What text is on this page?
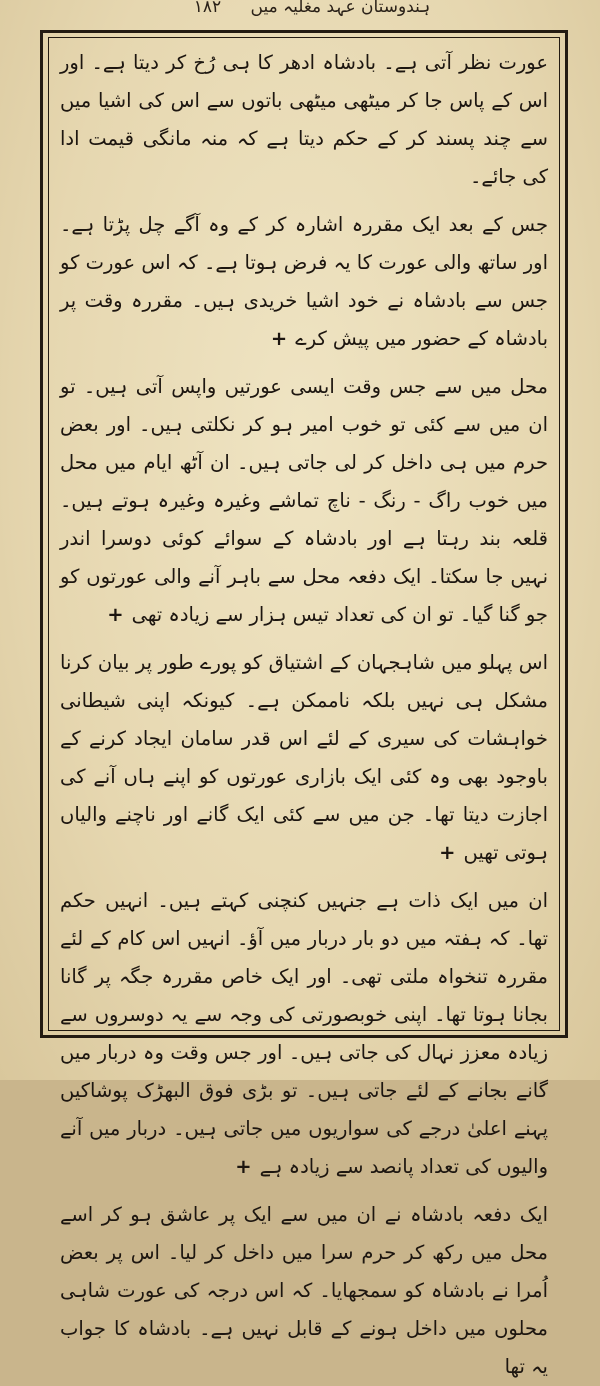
ہندوستان عہد مغلیہ میں ۱۸۲

عورت نظر آتی ہے۔ بادشاہ ادھر کا ہی رُخ کر دیتا ہے۔ اور اس کے پاس جا کر میٹھی میٹھی باتوں سے اس کی اشیا میں سے چند پسند کر کے حکم دیتا ہے کہ منہ مانگی قیمت ادا کی جائے۔

جس کے بعد ایک مقررہ اشارہ کر کے وہ آگے چل پڑتا ہے۔ اور ساتھ والی عورت کا یہ فرض ہوتا ہے۔ کہ اس عورت کو جس سے بادشاہ نے خود اشیا خریدی ہیں۔ مقررہ وقت پر بادشاہ کے حضور میں پیش کرے+

محل میں سے جس وقت ایسی عورتیں واپس آتی ہیں۔ تو ان میں سے کئی تو خوب امیر ہو کر نکلتی ہیں۔ اور بعض حرم میں ہی داخل کر لی جاتی ہیں۔ ان آٹھ ایام میں محل میں خوب راگ - رنگ - ناچ تماشے وغیرہ وغیرہ ہوتے ہیں۔ قلعہ بند رہتا ہے اور بادشاہ کے سوائے کوئی دوسرا اندر نہیں جا سکتا۔ ایک دفعہ محل سے باہر آنے والی عورتوں کو جو گنا گیا۔ تو ان کی تعداد تیس ہزار سے زیادہ تھی+

اس پہلو میں شاہجہان کے اشتیاق کو پورے طور پر بیان کرنا مشکل ہی نہیں بلکہ ناممکن ہے۔ کیونکہ اپنی شیطانی خواہشات کی سیری کے لئے اس قدر سامان ایجاد کرنے کے باوجود بھی وہ کئی ایک بازاری عورتوں کو اپنے ہاں آنے کی اجازت دیتا تھا۔ جن میں سے کئی ایک گانے اور ناچنے والیاں ہوتی تھیں+

ان میں ایک ذات ہے جنہیں کنچنی کہتے ہیں۔ انہیں حکم تھا۔ کہ ہفتہ میں دو بار دربار میں آؤ۔ انہیں اس کام کے لئے مقررہ تنخواہ ملتی تھی۔ اور ایک خاص مقررہ جگہ پر گانا بجانا ہوتا تھا۔ اپنی خوبصورتی کی وجہ سے یہ دوسروں سے زیادہ معزز نہال کی جاتی ہیں۔ اور جس وقت وہ دربار میں گانے بجانے کے لئے جاتی ہیں۔ تو بڑی فوق البھڑک پوشاکیں پہنے اعلیٰ درجے کی سواریوں میں جاتی ہیں۔ دربار میں آنے والیوں کی تعداد پانصد سے زیادہ ہے+

ایک دفعہ بادشاہ نے ان میں سے ایک پر عاشق ہو کر اسے محل میں رکھ کر حرم سرا میں داخل کر لیا۔ اس پر بعض اُمرا نے بادشاہ کو سمجھایا۔ کہ اس درجہ کی عورت شاہی محلوں میں داخل ہونے کے قابل نہیں ہے۔ بادشاہ کا جواب یہ تھا
